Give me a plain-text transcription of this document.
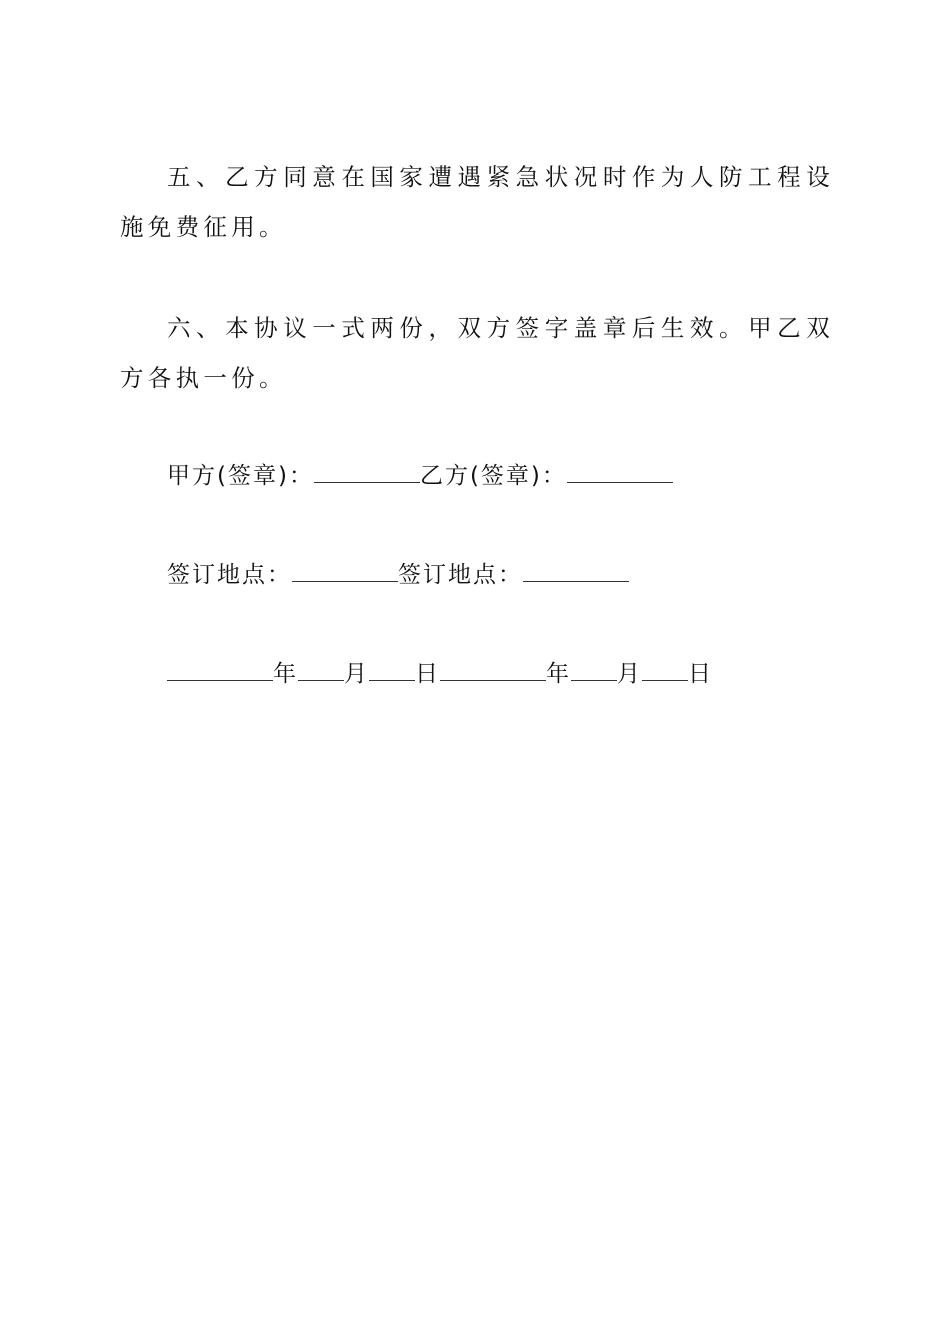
五、乙方同意在国家遭遇紧急状况时作为人防工程设施免费征用。

六、本协议一式两份，双方签字盖章后生效。甲乙双方各执一份。

甲方(签章)：	乙方(签章)：
签订地点：	签订地点：
年 月 日	年 月 日
